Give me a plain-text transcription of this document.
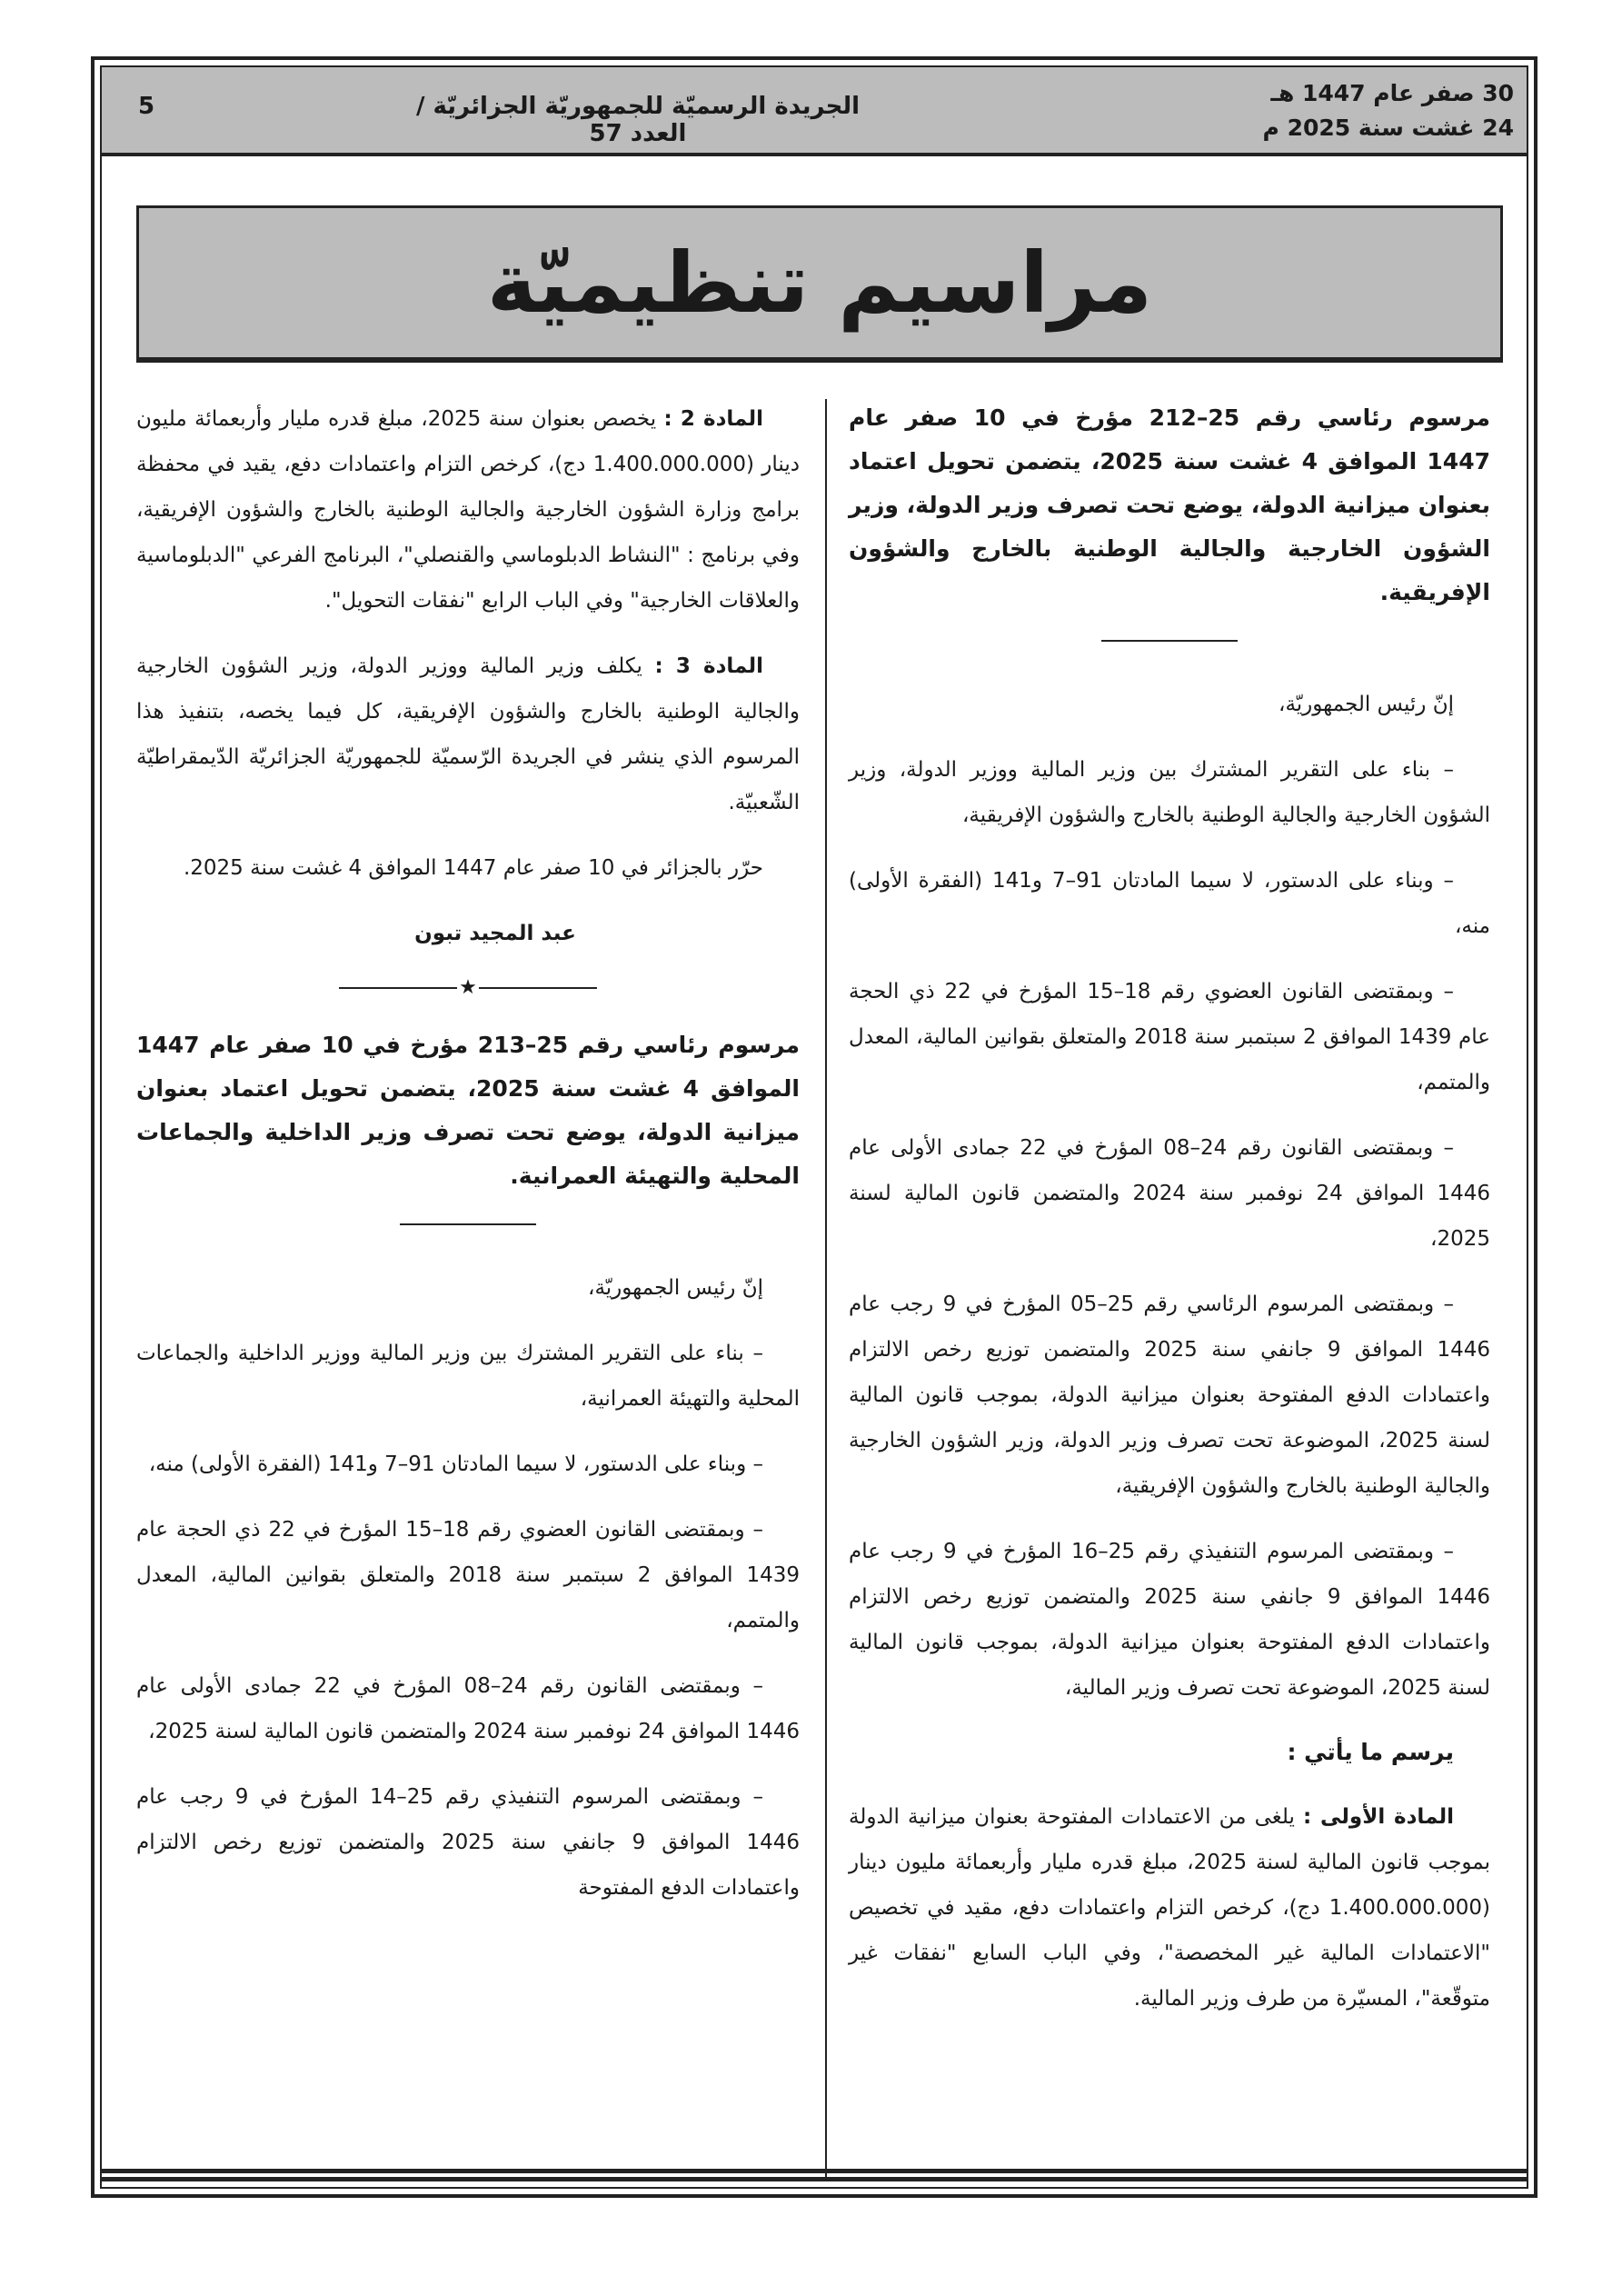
30 صفر عام 1447 هـ
24 غشت سنة 2025 م
الجريدة الرسميّة للجمهوريّة الجزائريّة / العدد 57
5
مراسيم تنظيميّة

مرسوم رئاسي رقم 25–212 مؤرخ في 10 صفر عام 1447 الموافق 4 غشت سنة 2025، يتضمن تحويل اعتماد بعنوان ميزانية الدولة، يوضع تحت تصرف وزير الدولة، وزير الشؤون الخارجية والجالية الوطنية بالخارج والشؤون الإفريقية.

إنّ رئيس الجمهوريّة،

– بناء على التقرير المشترك بين وزير المالية ووزير الدولة، وزير الشؤون الخارجية والجالية الوطنية بالخارج والشؤون الإفريقية،

– وبناء على الدستور، لا سيما المادتان 91–7 و141 (الفقرة الأولى) منه،

– وبمقتضى القانون العضوي رقم 18–15 المؤرخ في 22 ذي الحجة عام 1439 الموافق 2 سبتمبر سنة 2018 والمتعلق بقوانين المالية، المعدل والمتمم،

– وبمقتضى القانون رقم 24–08 المؤرخ في 22 جمادى الأولى عام 1446 الموافق 24 نوفمبر سنة 2024 والمتضمن قانون المالية لسنة 2025،

– وبمقتضى المرسوم الرئاسي رقم 25–05 المؤرخ في 9 رجب عام 1446 الموافق 9 جانفي سنة 2025 والمتضمن توزيع رخص الالتزام واعتمادات الدفع المفتوحة بعنوان ميزانية الدولة، بموجب قانون المالية لسنة 2025، الموضوعة تحت تصرف وزير الدولة، وزير الشؤون الخارجية والجالية الوطنية بالخارج والشؤون الإفريقية،

– وبمقتضى المرسوم التنفيذي رقم 25–16 المؤرخ في 9 رجب عام 1446 الموافق 9 جانفي سنة 2025 والمتضمن توزيع رخص الالتزام واعتمادات الدفع المفتوحة بعنوان ميزانية الدولة، بموجب قانون المالية لسنة 2025، الموضوعة تحت تصرف وزير المالية،

يرسم ما يأتي :

المادة الأولى : يلغى من الاعتمادات المفتوحة بعنوان ميزانية الدولة بموجب قانون المالية لسنة 2025، مبلغ قدره مليار وأربعمائة مليون دينار (1.400.000.000 دج)، كرخص التزام واعتمادات دفع، مقيد في تخصيص "الاعتمادات المالية غير المخصصة"، وفي الباب السابع "نفقات غير متوقّعة"، المسيّرة من طرف وزير المالية.

المادة 2 : يخصص بعنوان سنة 2025، مبلغ قدره مليار وأربعمائة مليون دينار (1.400.000.000 دج)، كرخص التزام واعتمادات دفع، يقيد في محفظة برامج وزارة الشؤون الخارجية والجالية الوطنية بالخارج والشؤون الإفريقية، وفي برنامج : "النشاط الدبلوماسي والقنصلي"، البرنامج الفرعي "الدبلوماسية والعلاقات الخارجية" وفي الباب الرابع "نفقات التحويل".

المادة 3 : يكلف وزير المالية ووزير الدولة، وزير الشؤون الخارجية والجالية الوطنية بالخارج والشؤون الإفريقية، كل فيما يخصه، بتنفيذ هذا المرسوم الذي ينشر في الجريدة الرّسميّة للجمهوريّة الجزائريّة الدّيمقراطيّة الشّعبيّة.

حرّر بالجزائر في 10 صفر عام 1447 الموافق 4 غشت سنة 2025.

عبد المجيد تبون
★

مرسوم رئاسي رقم 25–213 مؤرخ في 10 صفر عام 1447 الموافق 4 غشت سنة 2025، يتضمن تحويل اعتماد بعنوان ميزانية الدولة، يوضع تحت تصرف وزير الداخلية والجماعات المحلية والتهيئة العمرانية.

إنّ رئيس الجمهوريّة،

– بناء على التقرير المشترك بين وزير المالية ووزير الداخلية والجماعات المحلية والتهيئة العمرانية،

– وبناء على الدستور، لا سيما المادتان 91–7 و141 (الفقرة الأولى) منه،

– وبمقتضى القانون العضوي رقم 18–15 المؤرخ في 22 ذي الحجة عام 1439 الموافق 2 سبتمبر سنة 2018 والمتعلق بقوانين المالية، المعدل والمتمم،

– وبمقتضى القانون رقم 24–08 المؤرخ في 22 جمادى الأولى عام 1446 الموافق 24 نوفمبر سنة 2024 والمتضمن قانون المالية لسنة 2025،

– وبمقتضى المرسوم التنفيذي رقم 25–14 المؤرخ في 9 رجب عام 1446 الموافق 9 جانفي سنة 2025 والمتضمن توزيع رخص الالتزام واعتمادات الدفع المفتوحة
